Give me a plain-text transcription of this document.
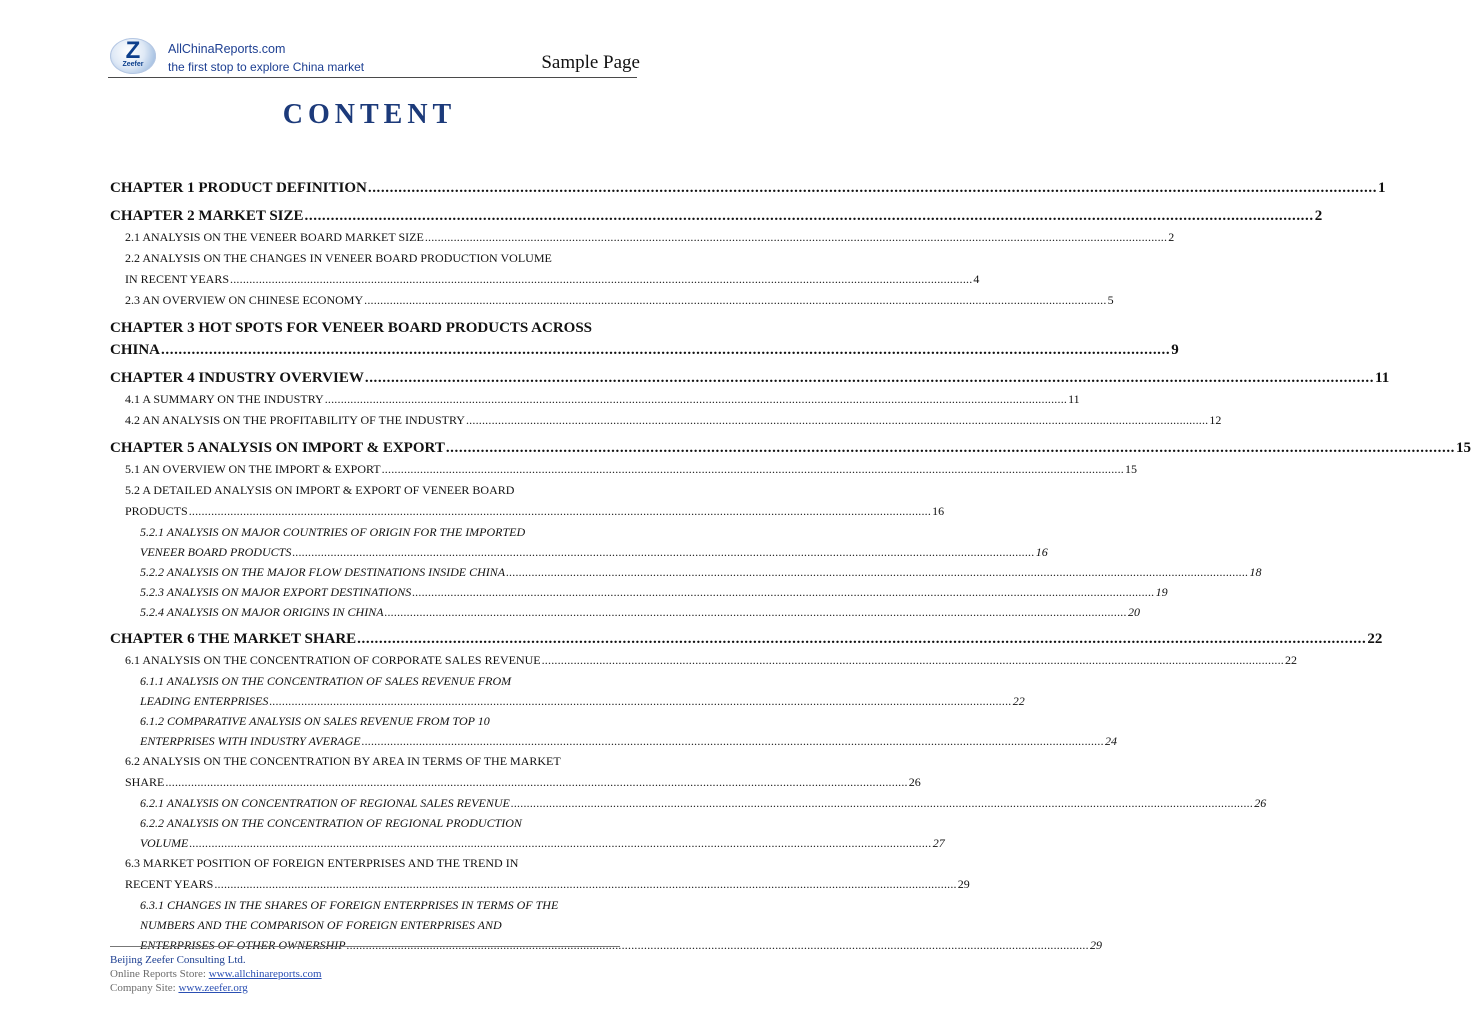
Z
Zeefer
AllChinaReports.com
the first stop to explore China market	Sample Page
CONTENT
CHAPTER 1 PRODUCT DEFINITION .....	1
CHAPTER 2 MARKET SIZE .....	2
2.1 ANALYSIS ON THE VENEER BOARD MARKET SIZE .....	2
2.2 ANALYSIS ON THE CHANGES IN VENEER BOARD PRODUCTION VOLUME
IN RECENT YEARS .....	4
2.3 AN OVERVIEW ON CHINESE ECONOMY .....	5
CHAPTER 3 HOT SPOTS FOR VENEER BOARD PRODUCTS ACROSS
CHINA .....	9
CHAPTER 4 INDUSTRY OVERVIEW .....	11
4.1 A SUMMARY ON THE INDUSTRY .....	11
4.2 AN ANALYSIS ON THE PROFITABILITY OF THE INDUSTRY .....	12
CHAPTER 5 ANALYSIS ON IMPORT & EXPORT .....	15
5.1 AN OVERVIEW ON THE IMPORT & EXPORT .....	15
5.2 A DETAILED ANALYSIS ON IMPORT & EXPORT OF VENEER BOARD
PRODUCTS .....	16
5.2.1 ANALYSIS ON MAJOR COUNTRIES OF ORIGIN FOR THE IMPORTED
VENEER BOARD PRODUCTS .....	16
5.2.2 ANALYSIS ON THE MAJOR FLOW DESTINATIONS INSIDE CHINA .....	18
5.2.3 ANALYSIS ON MAJOR EXPORT DESTINATIONS .....	19
5.2.4 ANALYSIS ON MAJOR ORIGINS IN CHINA .....	20
CHAPTER 6 THE MARKET SHARE .....	22
6.1 ANALYSIS ON THE CONCENTRATION OF CORPORATE SALES REVENUE .....	22
6.1.1 ANALYSIS ON THE CONCENTRATION OF SALES REVENUE FROM
LEADING ENTERPRISES .....	22
6.1.2 COMPARATIVE ANALYSIS ON SALES REVENUE FROM TOP 10
ENTERPRISES WITH INDUSTRY AVERAGE .....	24
6.2 ANALYSIS ON THE CONCENTRATION BY AREA IN TERMS OF THE MARKET
SHARE .....	26
6.2.1 ANALYSIS ON CONCENTRATION OF REGIONAL SALES REVENUE .....	26
6.2.2 ANALYSIS ON THE CONCENTRATION OF REGIONAL PRODUCTION
VOLUME .....	27
6.3 MARKET POSITION OF FOREIGN ENTERPRISES AND THE TREND IN
RECENT YEARS .....	29
6.3.1 CHANGES IN THE SHARES OF FOREIGN ENTERPRISES IN TERMS OF THE
NUMBERS AND THE COMPARISON OF FOREIGN ENTERPRISES AND
ENTERPRISES OF OTHER OWNERSHIP .....	29
Beijing Zeefer Consulting Ltd.
Online Reports Store: www.allchinareports.com
Company Site: www.zeefer.org
